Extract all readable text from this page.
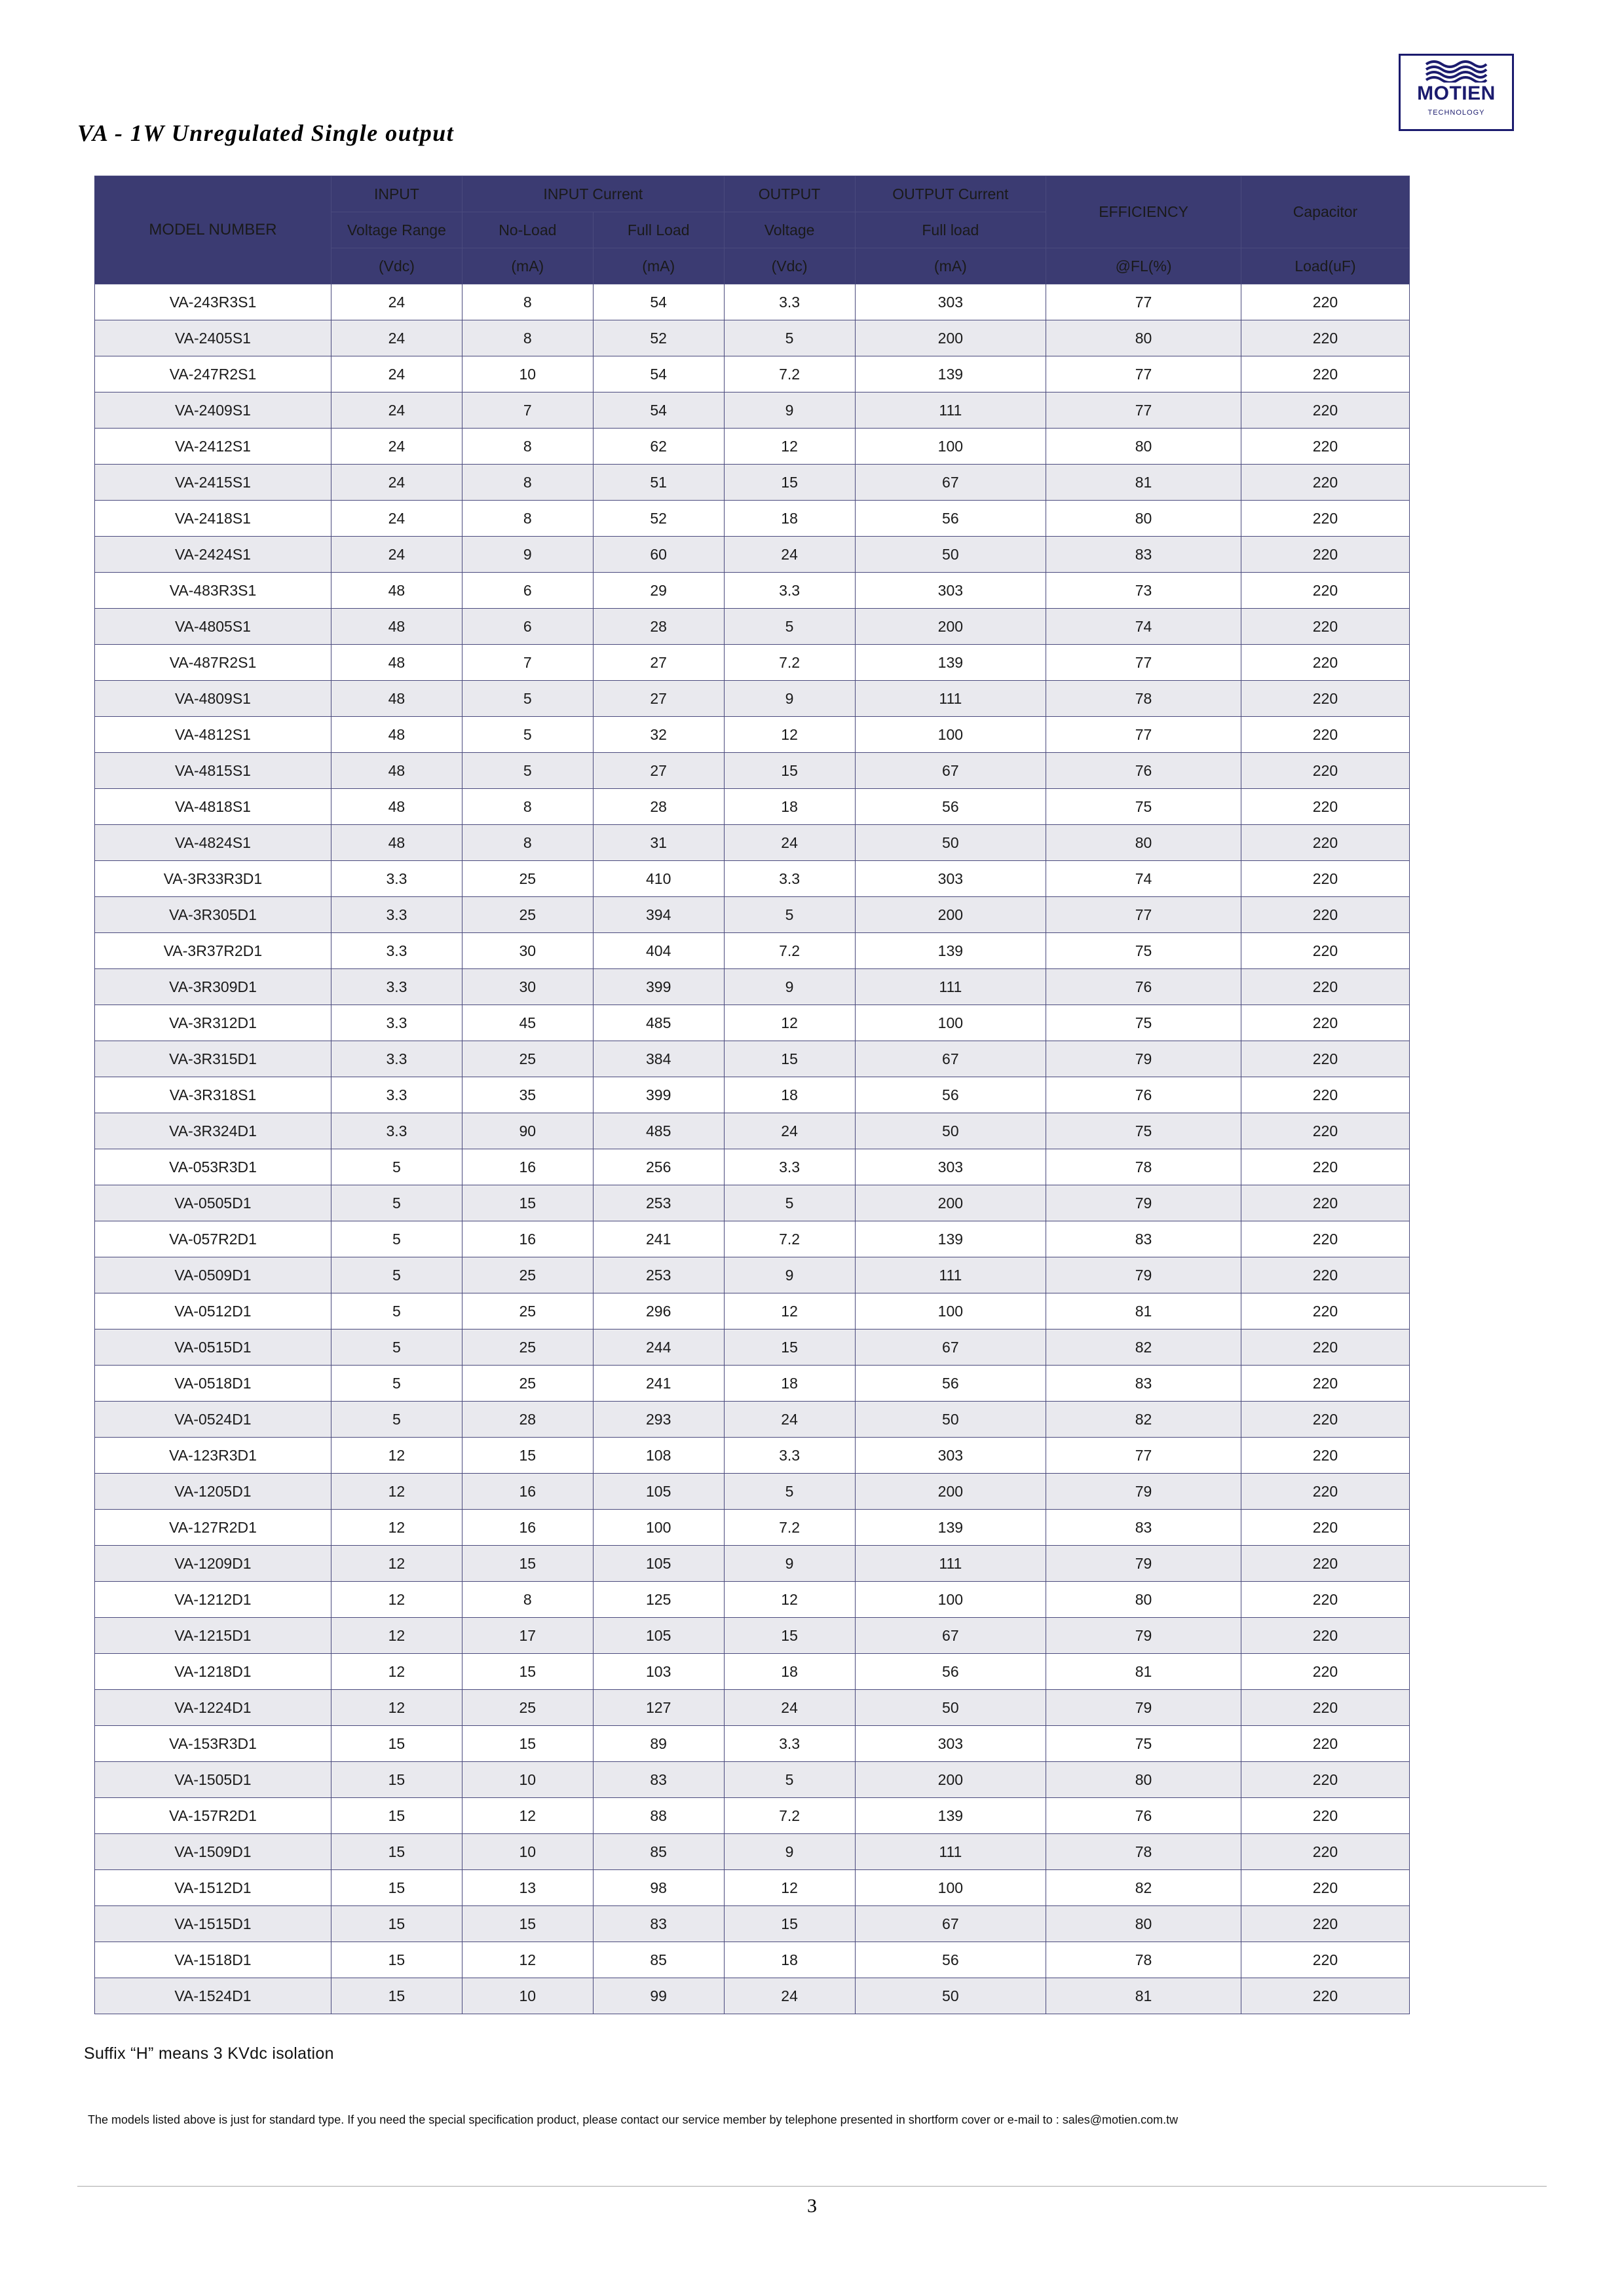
MOTIEN
TECHNOLOGY
VA - 1W Unregulated Single output
MODEL NUMBER	INPUT	INPUT Current		OUTPUT	OUTPUT Current	EFFICIENCY	Capacitor
	Voltage Range	No-Load	Full Load	Voltage	Full load		
	(Vdc)	(mA)	(mA)	(Vdc)	(mA)	@FL(%)	Load(uF)
VA-243R3S1	24	8	54	3.3	303	77	220
VA-2405S1	24	8	52	5	200	80	220
VA-247R2S1	24	10	54	7.2	139	77	220
VA-2409S1	24	7	54	9	111	77	220
VA-2412S1	24	8	62	12	100	80	220
VA-2415S1	24	8	51	15	67	81	220
VA-2418S1	24	8	52	18	56	80	220
VA-2424S1	24	9	60	24	50	83	220
VA-483R3S1	48	6	29	3.3	303	73	220
VA-4805S1	48	6	28	5	200	74	220
VA-487R2S1	48	7	27	7.2	139	77	220
VA-4809S1	48	5	27	9	111	78	220
VA-4812S1	48	5	32	12	100	77	220
VA-4815S1	48	5	27	15	67	76	220
VA-4818S1	48	8	28	18	56	75	220
VA-4824S1	48	8	31	24	50	80	220
VA-3R33R3D1	3.3	25	410	3.3	303	74	220
VA-3R305D1	3.3	25	394	5	200	77	220
VA-3R37R2D1	3.3	30	404	7.2	139	75	220
VA-3R309D1	3.3	30	399	9	111	76	220
VA-3R312D1	3.3	45	485	12	100	75	220
VA-3R315D1	3.3	25	384	15	67	79	220
VA-3R318S1	3.3	35	399	18	56	76	220
VA-3R324D1	3.3	90	485	24	50	75	220
VA-053R3D1	5	16	256	3.3	303	78	220
VA-0505D1	5	15	253	5	200	79	220
VA-057R2D1	5	16	241	7.2	139	83	220
VA-0509D1	5	25	253	9	111	79	220
VA-0512D1	5	25	296	12	100	81	220
VA-0515D1	5	25	244	15	67	82	220
VA-0518D1	5	25	241	18	56	83	220
VA-0524D1	5	28	293	24	50	82	220
VA-123R3D1	12	15	108	3.3	303	77	220
VA-1205D1	12	16	105	5	200	79	220
VA-127R2D1	12	16	100	7.2	139	83	220
VA-1209D1	12	15	105	9	111	79	220
VA-1212D1	12	8	125	12	100	80	220
VA-1215D1	12	17	105	15	67	79	220
VA-1218D1	12	15	103	18	56	81	220
VA-1224D1	12	25	127	24	50	79	220
VA-153R3D1	15	15	89	3.3	303	75	220
VA-1505D1	15	10	83	5	200	80	220
VA-157R2D1	15	12	88	7.2	139	76	220
VA-1509D1	15	10	85	9	111	78	220
VA-1512D1	15	13	98	12	100	82	220
VA-1515D1	15	15	83	15	67	80	220
VA-1518D1	15	12	85	18	56	78	220
VA-1524D1	15	10	99	24	50	81	220
Suffix “H” means 3 KVdc isolation
The models listed above is just for standard type. If you need the special specification product, please contact our service member by telephone presented in shortform cover or e-mail to : sales@motien.com.tw
3
